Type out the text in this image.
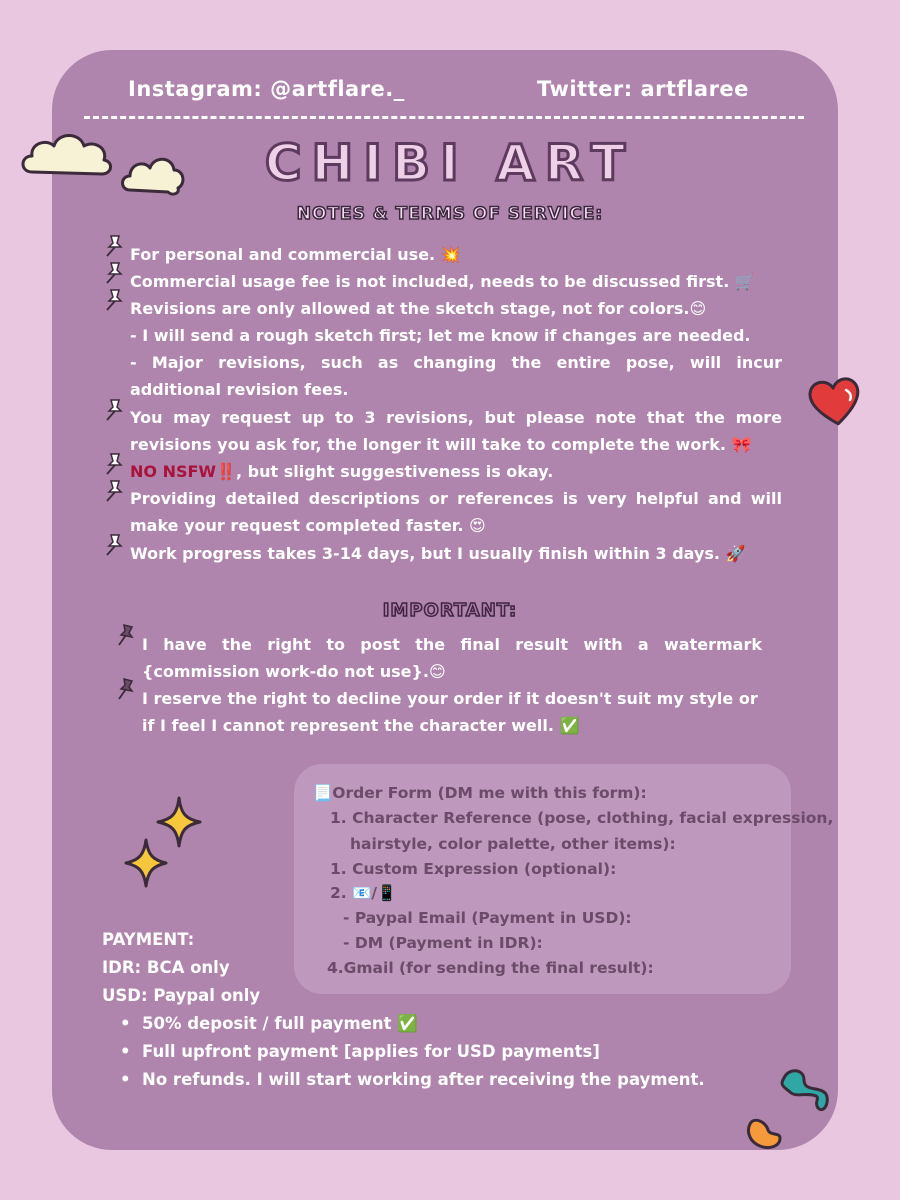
Instagram: @artflare._	Twitter: artflaree
CHIBI ART
NOTES & TERMS OF SERVICE:
For personal and commercial use. 💥
Commercial usage fee is not included, needs to be discussed first. 🛒
Revisions are only allowed at the sketch stage, not for colors.😊
- I will send a rough sketch first; let me know if changes are needed.
- Major revisions, such as changing the entire pose, will incur additional revision fees.
You may request up to 3 revisions, but please note that the more revisions you ask for, the longer it will take to complete the work. 🎀
NO NSFW‼️, but slight suggestiveness is okay.
Providing detailed descriptions or references is very helpful and will make your request completed faster. 😍
Work progress takes 3-14 days, but I usually finish within 3 days. 🚀
IMPORTANT:
I have the right to post the final result with a watermark {commission work-do not use}.😊
I reserve the right to decline your order if it doesn't suit my style or if I feel I cannot represent the character well. ✅
📃Order Form (DM me with this form):
1. Character Reference (pose, clothing, facial expression,
hairstyle, color palette, other items):
1. Custom Expression (optional):
2. 📧/📱
- Paypal Email (Payment in USD):
- DM (Payment in IDR):
4.Gmail (for sending the final result):
PAYMENT:
IDR: BCA only
USD: Paypal only
•  50% deposit / full payment ✅
•  Full upfront payment [applies for USD payments]
•  No refunds. I will start working after receiving the payment.
